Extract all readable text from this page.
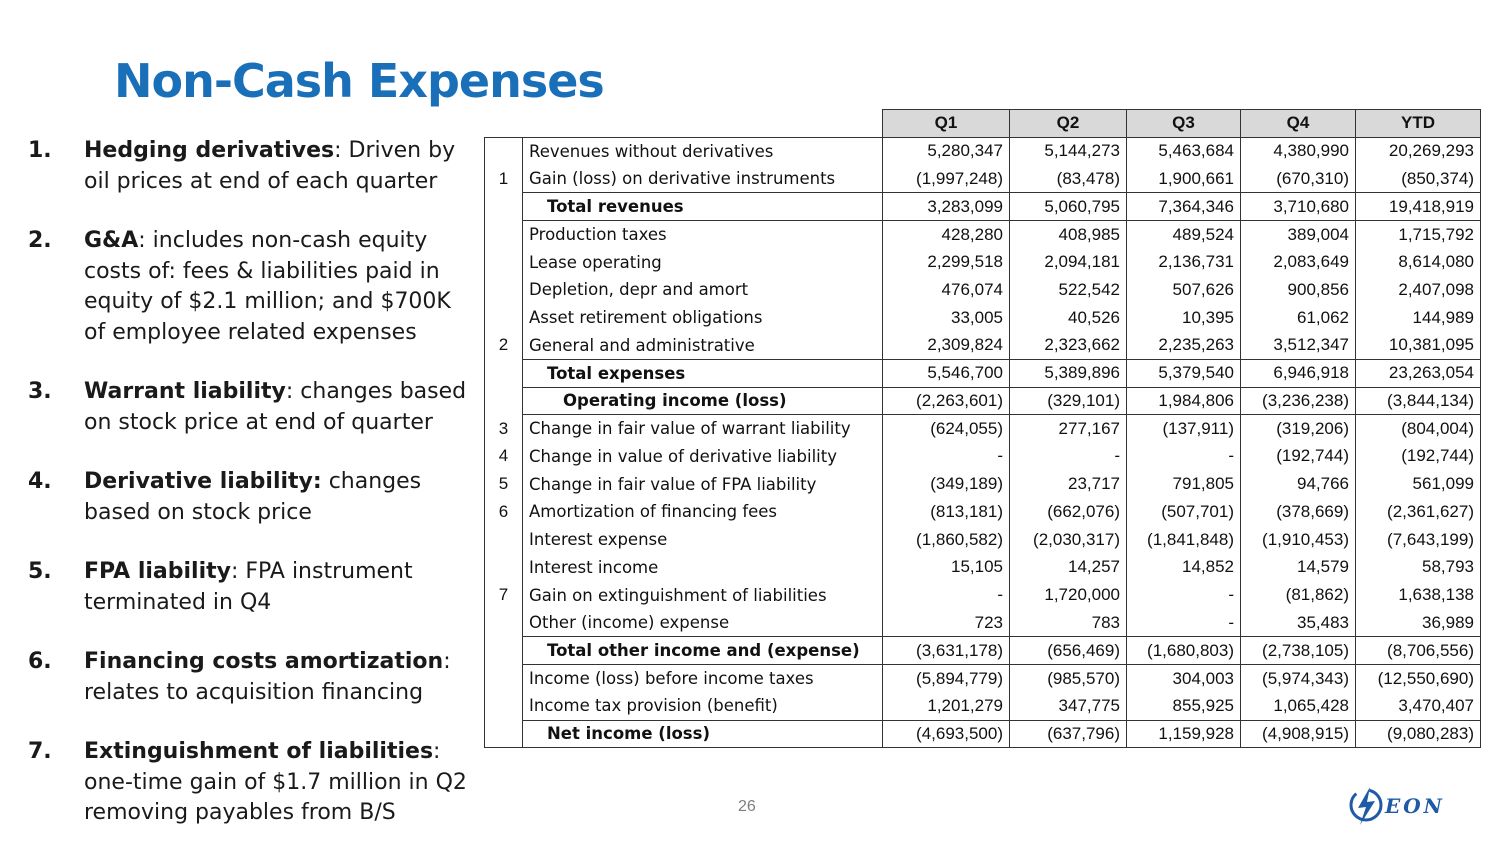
Non-Cash Expenses
1. Hedging derivatives: Driven by oil prices at end of each quarter
2. G&A: includes non-cash equity costs of: fees & liabilities paid in equity of $2.1 million; and $700K of employee related expenses
3. Warrant liability: changes based on stock price at end of quarter
4. Derivative liability: changes based on stock price
5. FPA liability: FPA instrument terminated in Q4
6. Financing costs amortization: relates to acquisition financing
7. Extinguishment of liabilities: one-time gain of $1.7 million in Q2 removing payables from B/S
		Q1	Q2	Q3	Q4	YTD
	Revenues without derivatives	5,280,347	5,144,273	5,463,684	4,380,990	20,269,293
1	Gain (loss) on derivative instruments	(1,997,248)	(83,478)	1,900,661	(670,310)	(850,374)
	Total revenues	3,283,099	5,060,795	7,364,346	3,710,680	19,418,919
	Production taxes	428,280	408,985	489,524	389,004	1,715,792
	Lease operating	2,299,518	2,094,181	2,136,731	2,083,649	8,614,080
	Depletion, depr and amort	476,074	522,542	507,626	900,856	2,407,098
	Asset retirement obligations	33,005	40,526	10,395	61,062	144,989
2	General and administrative	2,309,824	2,323,662	2,235,263	3,512,347	10,381,095
	Total expenses	5,546,700	5,389,896	5,379,540	6,946,918	23,263,054
	Operating income (loss)	(2,263,601)	(329,101)	1,984,806	(3,236,238)	(3,844,134)
3	Change in fair value of warrant liability	(624,055)	277,167	(137,911)	(319,206)	(804,004)
4	Change in value of derivative liability	-	-	-	(192,744)	(192,744)
5	Change in fair value of FPA liability	(349,189)	23,717	791,805	94,766	561,099
6	Amortization of financing fees	(813,181)	(662,076)	(507,701)	(378,669)	(2,361,627)
	Interest expense	(1,860,582)	(2,030,317)	(1,841,848)	(1,910,453)	(7,643,199)
	Interest income	15,105	14,257	14,852	14,579	58,793
7	Gain on extinguishment of liabilities	-	1,720,000	-	(81,862)	1,638,138
	Other (income) expense	723	783	-	35,483	36,989
	Total other income and (expense)	(3,631,178)	(656,469)	(1,680,803)	(2,738,105)	(8,706,556)
	Income (loss) before income taxes	(5,894,779)	(985,570)	304,003	(5,974,343)	(12,550,690)
	Income tax provision (benefit)	1,201,279	347,775	855,925	1,065,428	3,470,407
	Net income (loss)	(4,693,500)	(637,796)	1,159,928	(4,908,915)	(9,080,283)
26	EON
